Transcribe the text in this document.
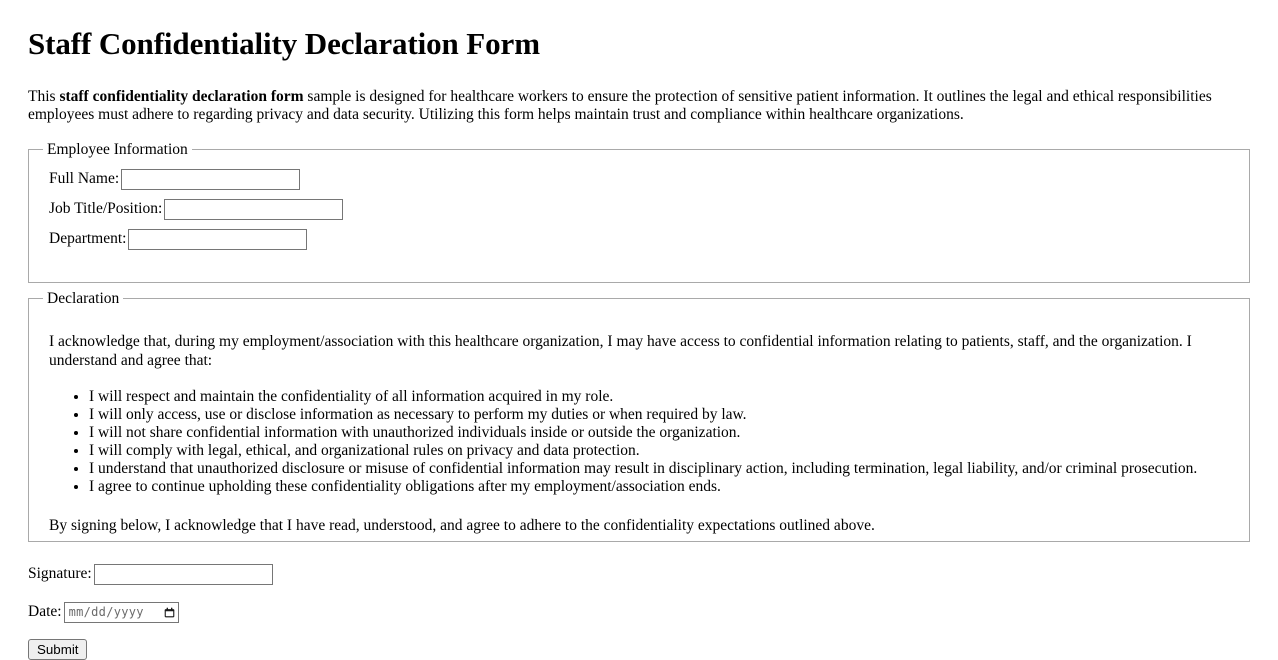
Staff Confidentiality Declaration Form

This staff confidentiality declaration form sample is designed for healthcare workers to ensure the protection of sensitive patient information. It outlines the legal and ethical responsibilities employees must adhere to regarding privacy and data security. Utilizing this form helps maintain trust and compliance within healthcare organizations.

Employee Information
Full Name:
Job Title/Position:
Department:
Declaration

I acknowledge that, during my employment/association with this healthcare organization, I may have access to confidential information relating to patients, staff, and the organization. I understand and agree that:

• I will respect and maintain the confidentiality of all information acquired in my role.
• I will only access, use or disclose information as necessary to perform my duties or when required by law.
• I will not share confidential information with unauthorized individuals inside or outside the organization.
• I will comply with legal, ethical, and organizational rules on privacy and data protection.
• I understand that unauthorized disclosure or misuse of confidential information may result in disciplinary action, including termination, legal liability, and/or criminal prosecution.
• I agree to continue upholding these confidentiality obligations after my employment/association ends.

By signing below, I acknowledge that I have read, understood, and agree to adhere to the confidentiality expectations outlined above.

Signature:
Date: mm/dd/yyyy
Submit
